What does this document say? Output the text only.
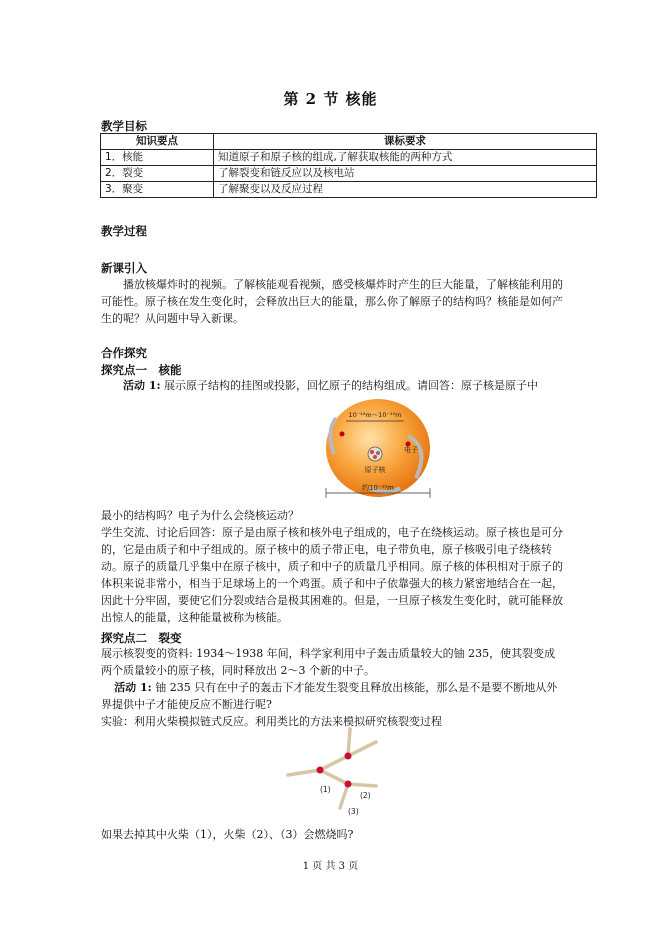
第 2 节 核能
教学目标
知识要点	课标要求
1．核能	知道原子和原子核的组成,了解获取核能的两种方式
2．裂变	了解裂变和链反应以及核电站
3．聚变	了解聚变以及反应过程
教学过程
新课引入
播放核爆炸时的视频。了解核能观看视频，感受核爆炸时产生的巨大能量，了解核能利用的可能性。原子核在发生变化时，会释放出巨大的能量，那么你了解原子的结构吗？核能是如何产生的呢？从问题中导入新课。
合作探究
探究点一　核能
活动 1: 展示原子结构的挂图或投影，回忆原子的结构组成。请回答：原子核是原子中
10⁻¹⁴m～10⁻¹⁵m
原子核
电子
约10⁻¹⁰m
最小的结构吗？电子为什么会绕核运动？
学生交流、讨论后回答：原子是由原子核和核外电子组成的，电子在绕核运动。原子核也是可分的，它是由质子和中子组成的。原子核中的质子带正电，电子带负电，原子核吸引电子绕核转动。原子的质量几乎集中在原子核中，质子和中子的质量几乎相同。原子核的体积相对于原子的体积来说非常小，相当于足球场上的一个鸡蛋。质子和中子依靠强大的核力紧密地结合在一起，因此十分牢固，要使它们分裂或结合是极其困难的。但是，一旦原子核发生变化时，就可能释放出惊人的能量，这种能量被称为核能。
探究点二　裂变
展示核裂变的资料: 1934～1938 年间，科学家利用中子轰击质量较大的铀 235，使其裂变成两个质量较小的原子核，同时释放出 2～3 个新的中子。
活动 1: 铀 235 只有在中子的轰击下才能发生裂变且释放出核能，那么是不是要不断地从外界提供中子才能使反应不断进行呢?
实验：利用火柴模拟链式反应。利用类比的方法来模拟研究核裂变过程
(1)
(2)
(3)
如果去掉其中火柴（1），火柴（2）、（3）会燃烧吗?
1 页 共 3 页
